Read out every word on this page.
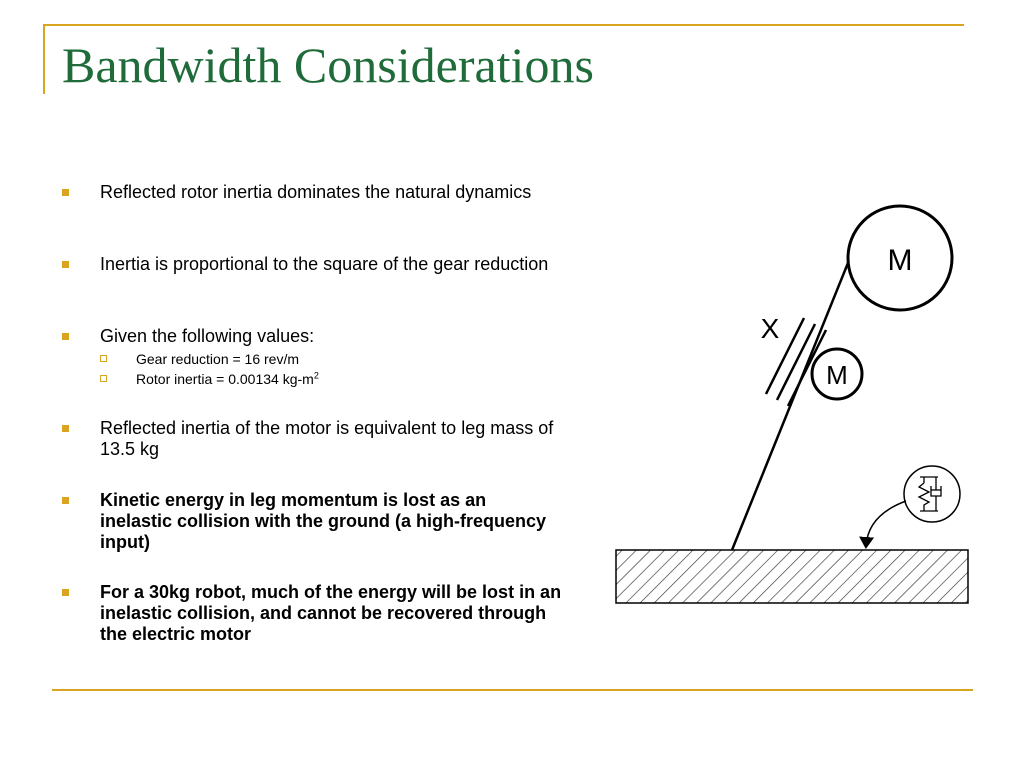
Bandwidth Considerations
Reflected rotor inertia dominates the natural dynamics
Inertia is proportional to the square of the gear reduction
Given the following values:
Gear reduction = 16 rev/m
Rotor inertia = 0.00134 $kg-m^2$
Reflected inertia of the motor is equivalent to leg mass of 13.5 kg
Kinetic energy in leg momentum is lost as an inelastic collision with the ground (a high-frequency input)
For a 30kg robot, much of the energy will be lost in an inelastic collision, and cannot be recovered through the electric motor
M
M
X
